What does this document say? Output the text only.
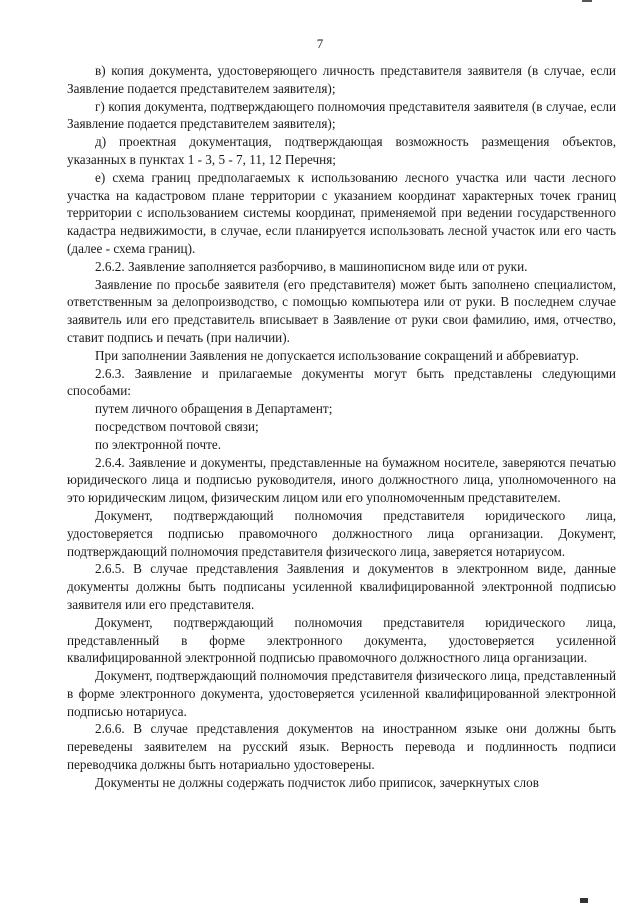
7

в) копия документа, удостоверяющего личность представителя заявителя (в случае, если Заявление подается представителем заявителя);

г) копия документа, подтверждающего полномочия представителя заявителя (в случае, если Заявление подается представителем заявителя);

д) проектная документация, подтверждающая возможность размещения объектов, указанных в пунктах 1 - 3, 5 - 7, 11, 12 Перечня;

е) схема границ предполагаемых к использованию лесного участка или части лесного участка на кадастровом плане территории с указанием координат характерных точек границ территории с использованием системы координат, применяемой при ведении государственного кадастра недвижимости, в случае, если планируется использовать лесной участок или его часть (далее - схема границ).

2.6.2. Заявление заполняется разборчиво, в машинописном виде или от руки.

Заявление по просьбе заявителя (его представителя) может быть заполнено специалистом, ответственным за делопроизводство, с помощью компьютера или от руки. В последнем случае заявитель или его представитель вписывает в Заявление от руки свои фамилию, имя, отчество, ставит подпись и печать (при наличии).

При заполнении Заявления не допускается использование сокращений и аббревиатур.

2.6.3. Заявление и прилагаемые документы могут быть представлены следующими способами:

путем личного обращения в Департамент;

посредством почтовой связи;

по электронной почте.

2.6.4. Заявление и документы, представленные на бумажном носителе, заверяются печатью юридического лица и подписью руководителя, иного должностного лица, уполномоченного на это юридическим лицом, физическим лицом или его уполномоченным представителем.

Документ, подтверждающий полномочия представителя юридического лица, удостоверяется подписью правомочного должностного лица организации. Документ, подтверждающий полномочия представителя физического лица, заверяется нотариусом.

2.6.5. В случае представления Заявления и документов в электронном виде, данные документы должны быть подписаны усиленной квалифицированной электронной подписью заявителя или его представителя.

Документ, подтверждающий полномочия представителя юридического лица, представленный в форме электронного документа, удостоверяется усиленной квалифицированной электронной подписью правомочного должностного лица организации.

Документ, подтверждающий полномочия представителя физического лица, представленный в форме электронного документа, удостоверяется усиленной квалифицированной электронной подписью нотариуса.

2.6.6. В случае представления документов на иностранном языке они должны быть переведены заявителем на русский язык. Верность перевода и подлинность подписи переводчика должны быть нотариально удостоверены.

Документы не должны содержать подчисток либо приписок, зачеркнутых слов
